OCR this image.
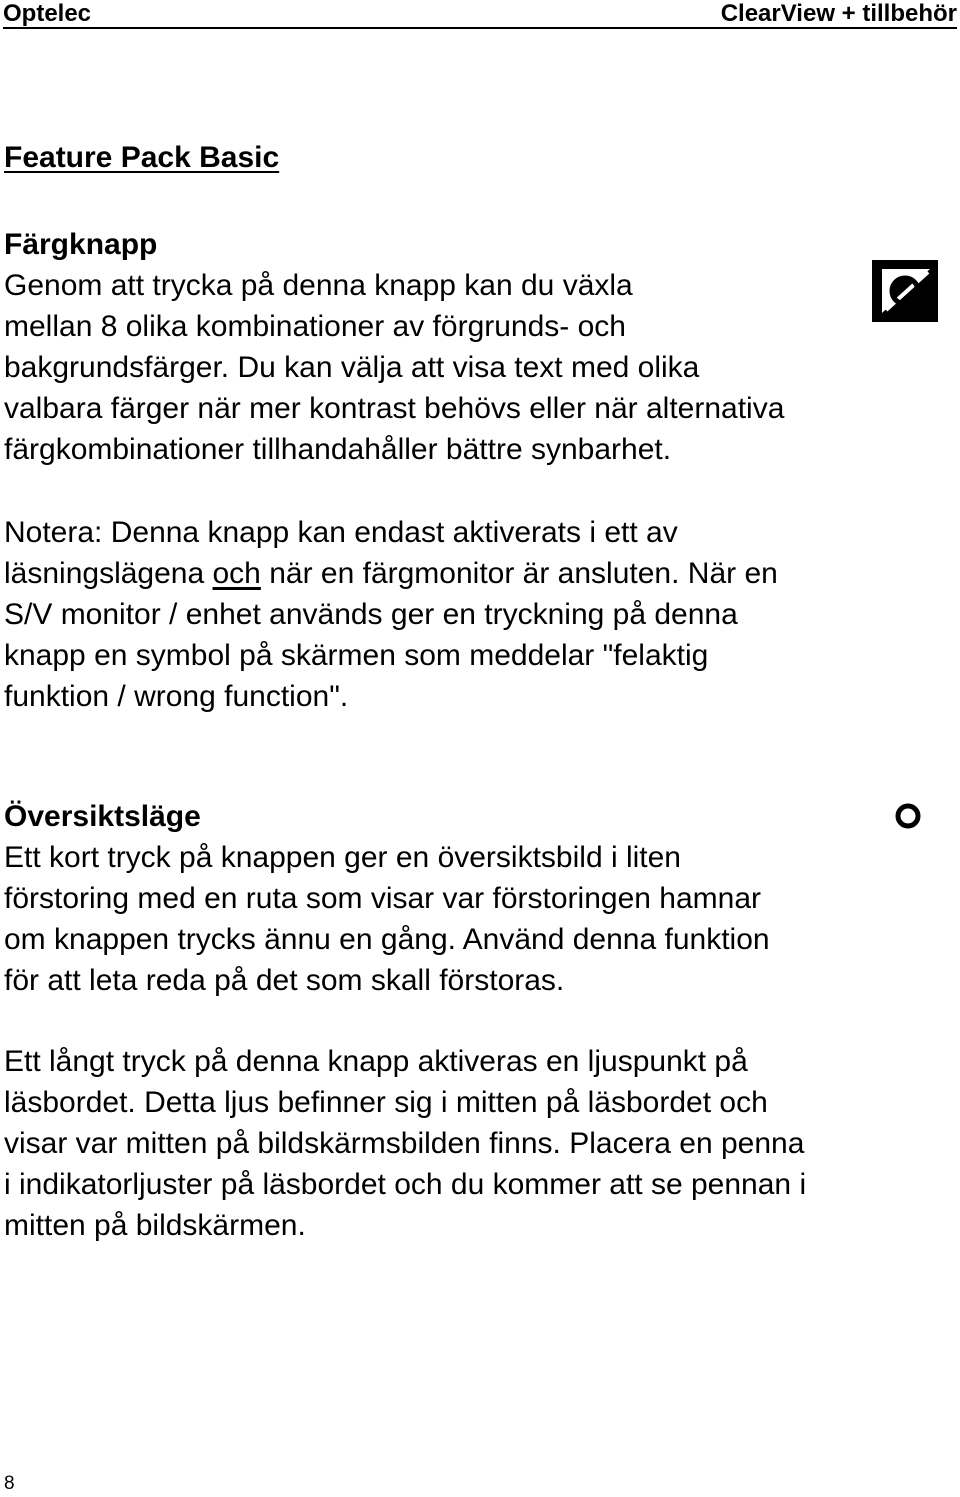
Optelec	ClearView + tillbehör
Feature Pack Basic
Färgknapp
Genom att trycka på denna knapp kan du växla
mellan 8 olika kombinationer av förgrunds- och
bakgrundsfärger. Du kan välja att visa text med olika
valbara färger när mer kontrast behövs eller när alternativa
färgkombinationer tillhandahåller bättre synbarhet.
Notera: Denna knapp kan endast aktiverats i ett av
läsningslägena och när en färgmonitor är ansluten. När en
S/V monitor / enhet används ger en tryckning på denna
knapp en symbol på skärmen som meddelar "felaktig
funktion / wrong function".
Översiktsläge
Ett kort tryck på knappen ger en översiktsbild i liten
förstoring med en ruta som visar var förstoringen hamnar
om knappen trycks ännu en gång. Använd denna funktion
för att leta reda på det som skall förstoras.
Ett långt tryck på denna knapp aktiveras en ljuspunkt på
läsbordet. Detta ljus befinner sig i mitten på läsbordet och
visar var mitten på bildskärmsbilden finns. Placera en penna
i indikatorljuster på läsbordet och du kommer att se pennan i
mitten på bildskärmen.
8
